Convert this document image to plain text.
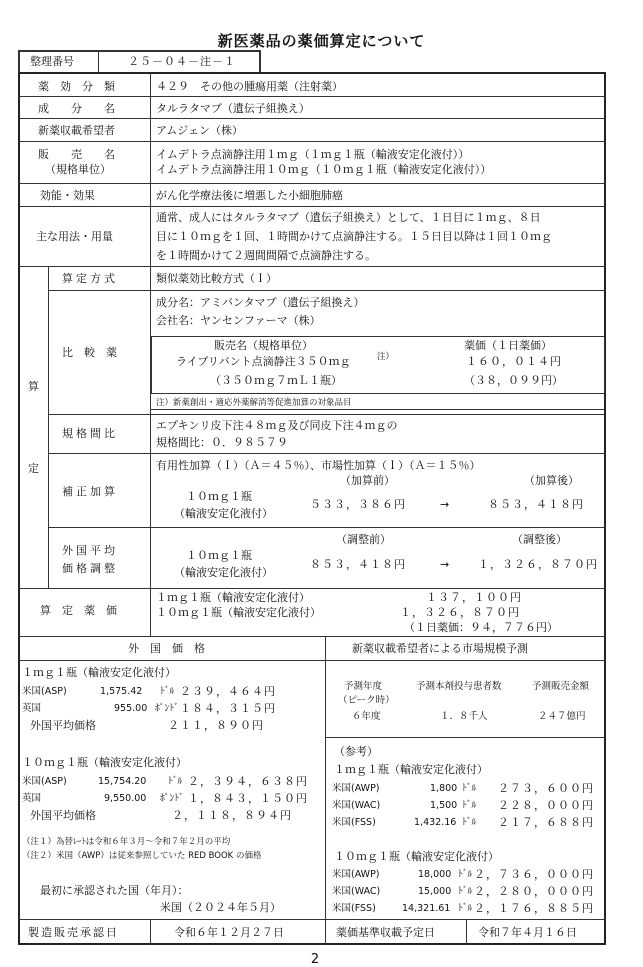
新医薬品の薬価算定について
整理番号	２５－０４－注－１
薬　効　分　類	４２９　その他の腫瘍用薬（注射薬）
成　　分　　名	タルラタマブ（遺伝子組換え）
新薬収載希望者	アムジェン（株）
販　　売　　名
（規格単位）
イムデトラ点滴静注用１ｍｇ（１ｍｇ１瓶（輸液安定化液付））
イムデトラ点滴静注用１０ｍｇ（１０ｍｇ１瓶（輸液安定化液付））
効能・効果	がん化学療法後に増悪した小細胞肺癌
主な用法・用量
通常、成人にはタルラタマブ（遺伝子組換え）として、１日目に１ｍｇ、８日
目に１０ｍｇを１回、１時間かけて点滴静注する。１５日目以降は１回１０ｍｇ
を１時間かけて２週間間隔で点滴静注する。
算
定
算定方式	類似薬効比較方式（Ｉ）
比　較　薬
成分名：アミバンタマブ（遺伝子組換え）
会社名：ヤンセンファーマ（株）
販売名（規格単位）	薬価（１日薬価）
ライブリバント点滴静注３５０ｍｇ	注）	１６０，０１４円
（３５０ｍｇ７ｍＬ１瓶）	（３８，０９９円）
注）新薬創出・適応外薬解消等促進加算の対象品目
規格間比
エプキンリ皮下注４８ｍｇ及び同皮下注４ｍｇの
規格間比：０．９８５７９
補正加算
有用性加算（Ｉ）（Ａ＝４５％）、市場性加算（Ｉ）（Ａ＝１５％）
（加算前）	（加算後）
１０ｍｇ１瓶
（輸液安定化液付）
５３３，３８６円	→	８５３，４１８円
外国平均
価格調整
（調整前）	（調整後）
１０ｍｇ１瓶
（輸液安定化液付）
８５３，４１８円	→	１，３２６，８７０円
算　定　薬　価
１ｍｇ１瓶（輸液安定化液付）	１３７，１００円
１０ｍｇ１瓶（輸液安定化液付）	１，３２６，８７０円
（１日薬価：９４，７７６円）
外　国　価　格	新薬収載希望者による市場規模予測
１ｍｇ１瓶（輸液安定化液付）
米国(ASP)	1,575.42 ﾄﾞﾙ ２３９，４６４円
英国	955.00 ﾎﾟﾝﾄﾞ １８４，３１５円
外国平均価格	２１１，８９０円
１０ｍｇ１瓶（輸液安定化液付）
米国(ASP)	15,754.20 ﾄﾞﾙ ２，３９４，６３８円
英国	9,550.00 ﾎﾟﾝﾄﾞ １，８４３，１５０円
外国平均価格	２，１１８，８９４円
（注１）為替ﾚｰﾄは令和６年３月～令和７年２月の平均
（注２）米国（AWP）は従来参照していた RED BOOK の価格
最初に承認された国（年月）：
米国（２０２４年５月）
予測年度
（ピーク時）
予測本剤投与患者数	予測販売金額
６年度	１．８千人	２４７億円
（参考）
１ｍｇ１瓶（輸液安定化液付）
米国(AWP)	1,800 ﾄﾞﾙ ２７３，６００円
米国(WAC)	1,500 ﾄﾞﾙ ２２８，０００円
米国(FSS)	1,432.16 ﾄﾞﾙ ２１７，６８８円
１０ｍｇ１瓶（輸液安定化液付）
米国(AWP)	18,000 ﾄﾞﾙ ２，７３６，０００円
米国(WAC)	15,000 ﾄﾞﾙ ２，２８０，０００円
米国(FSS)	14,321.61 ﾄﾞﾙ ２，１７６，８８５円
製造販売承認日	令和６年１２月２７日	薬価基準収載予定日	令和７年４月１６日
2
